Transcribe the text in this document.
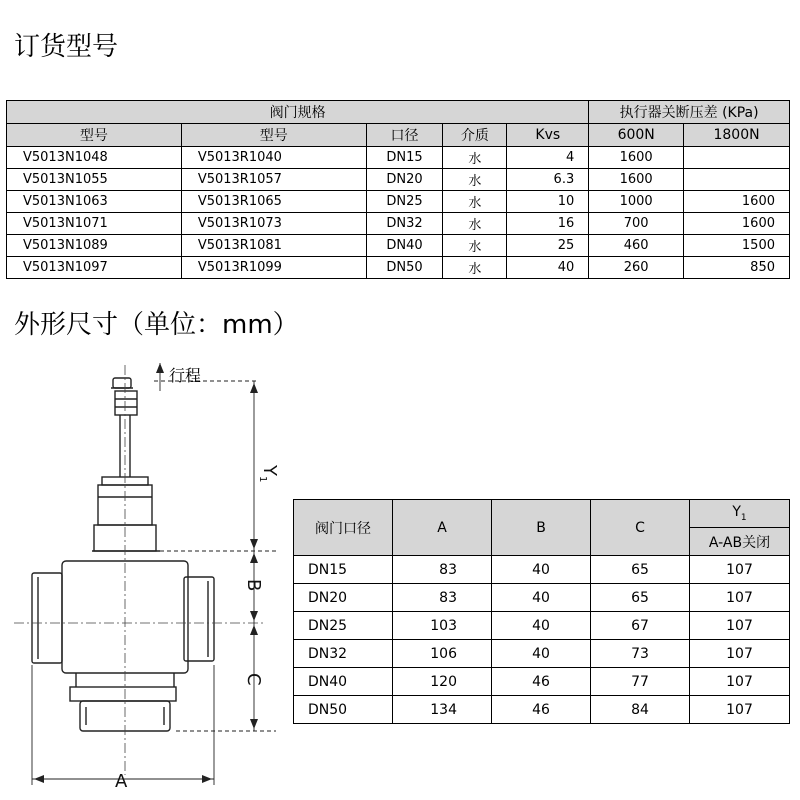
订货型号
阀门规格					执行器关断压差 (KPa)	
型号	型号	口径	介质	Kvs	600N	1800N
V5013N1048	V5013R1040	DN15	水	4	1600	
V5013N1055	V5013R1057	DN20	水	6.3	1600	
V5013N1063	V5013R1065	DN25	水	10	1000	1600
V5013N1071	V5013R1073	DN32	水	16	700	1600
V5013N1089	V5013R1081	DN40	水	25	460	1500
V5013N1097	V5013R1099	DN50	水	40	260	850
外形尺寸（单位：mm）
行程
$Y_1$
B
C
A
阀门口径	A	B	C	$Y_1$
				A-AB关闭
DN15	83	40	65	107
DN20	83	40	65	107
DN25	103	40	67	107
DN32	106	40	73	107
DN40	120	46	77	107
DN50	134	46	84	107
